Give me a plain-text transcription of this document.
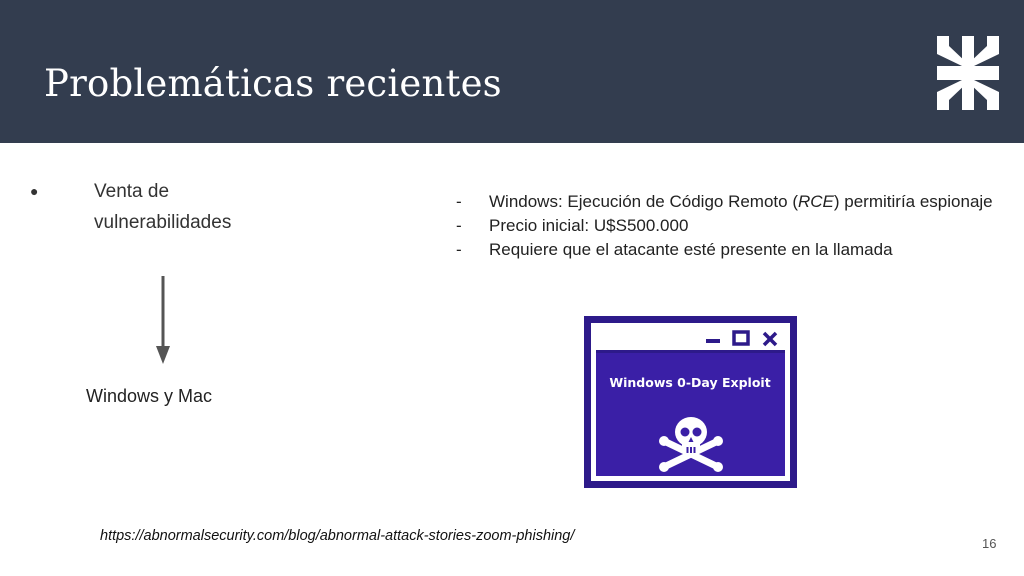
Problemáticas recientes
●	Venta de vulnerabilidades
Windows y Mac
- Windows: Ejecución de Código Remoto (RCE) permitiría espionaje
- Precio inicial: U$S500.000
- Requiere que el atacante esté presente en la llamada
Windows 0-Day Exploit
https://abnormalsecurity.com/blog/abnormal-attack-stories-zoom-phishing/	16
